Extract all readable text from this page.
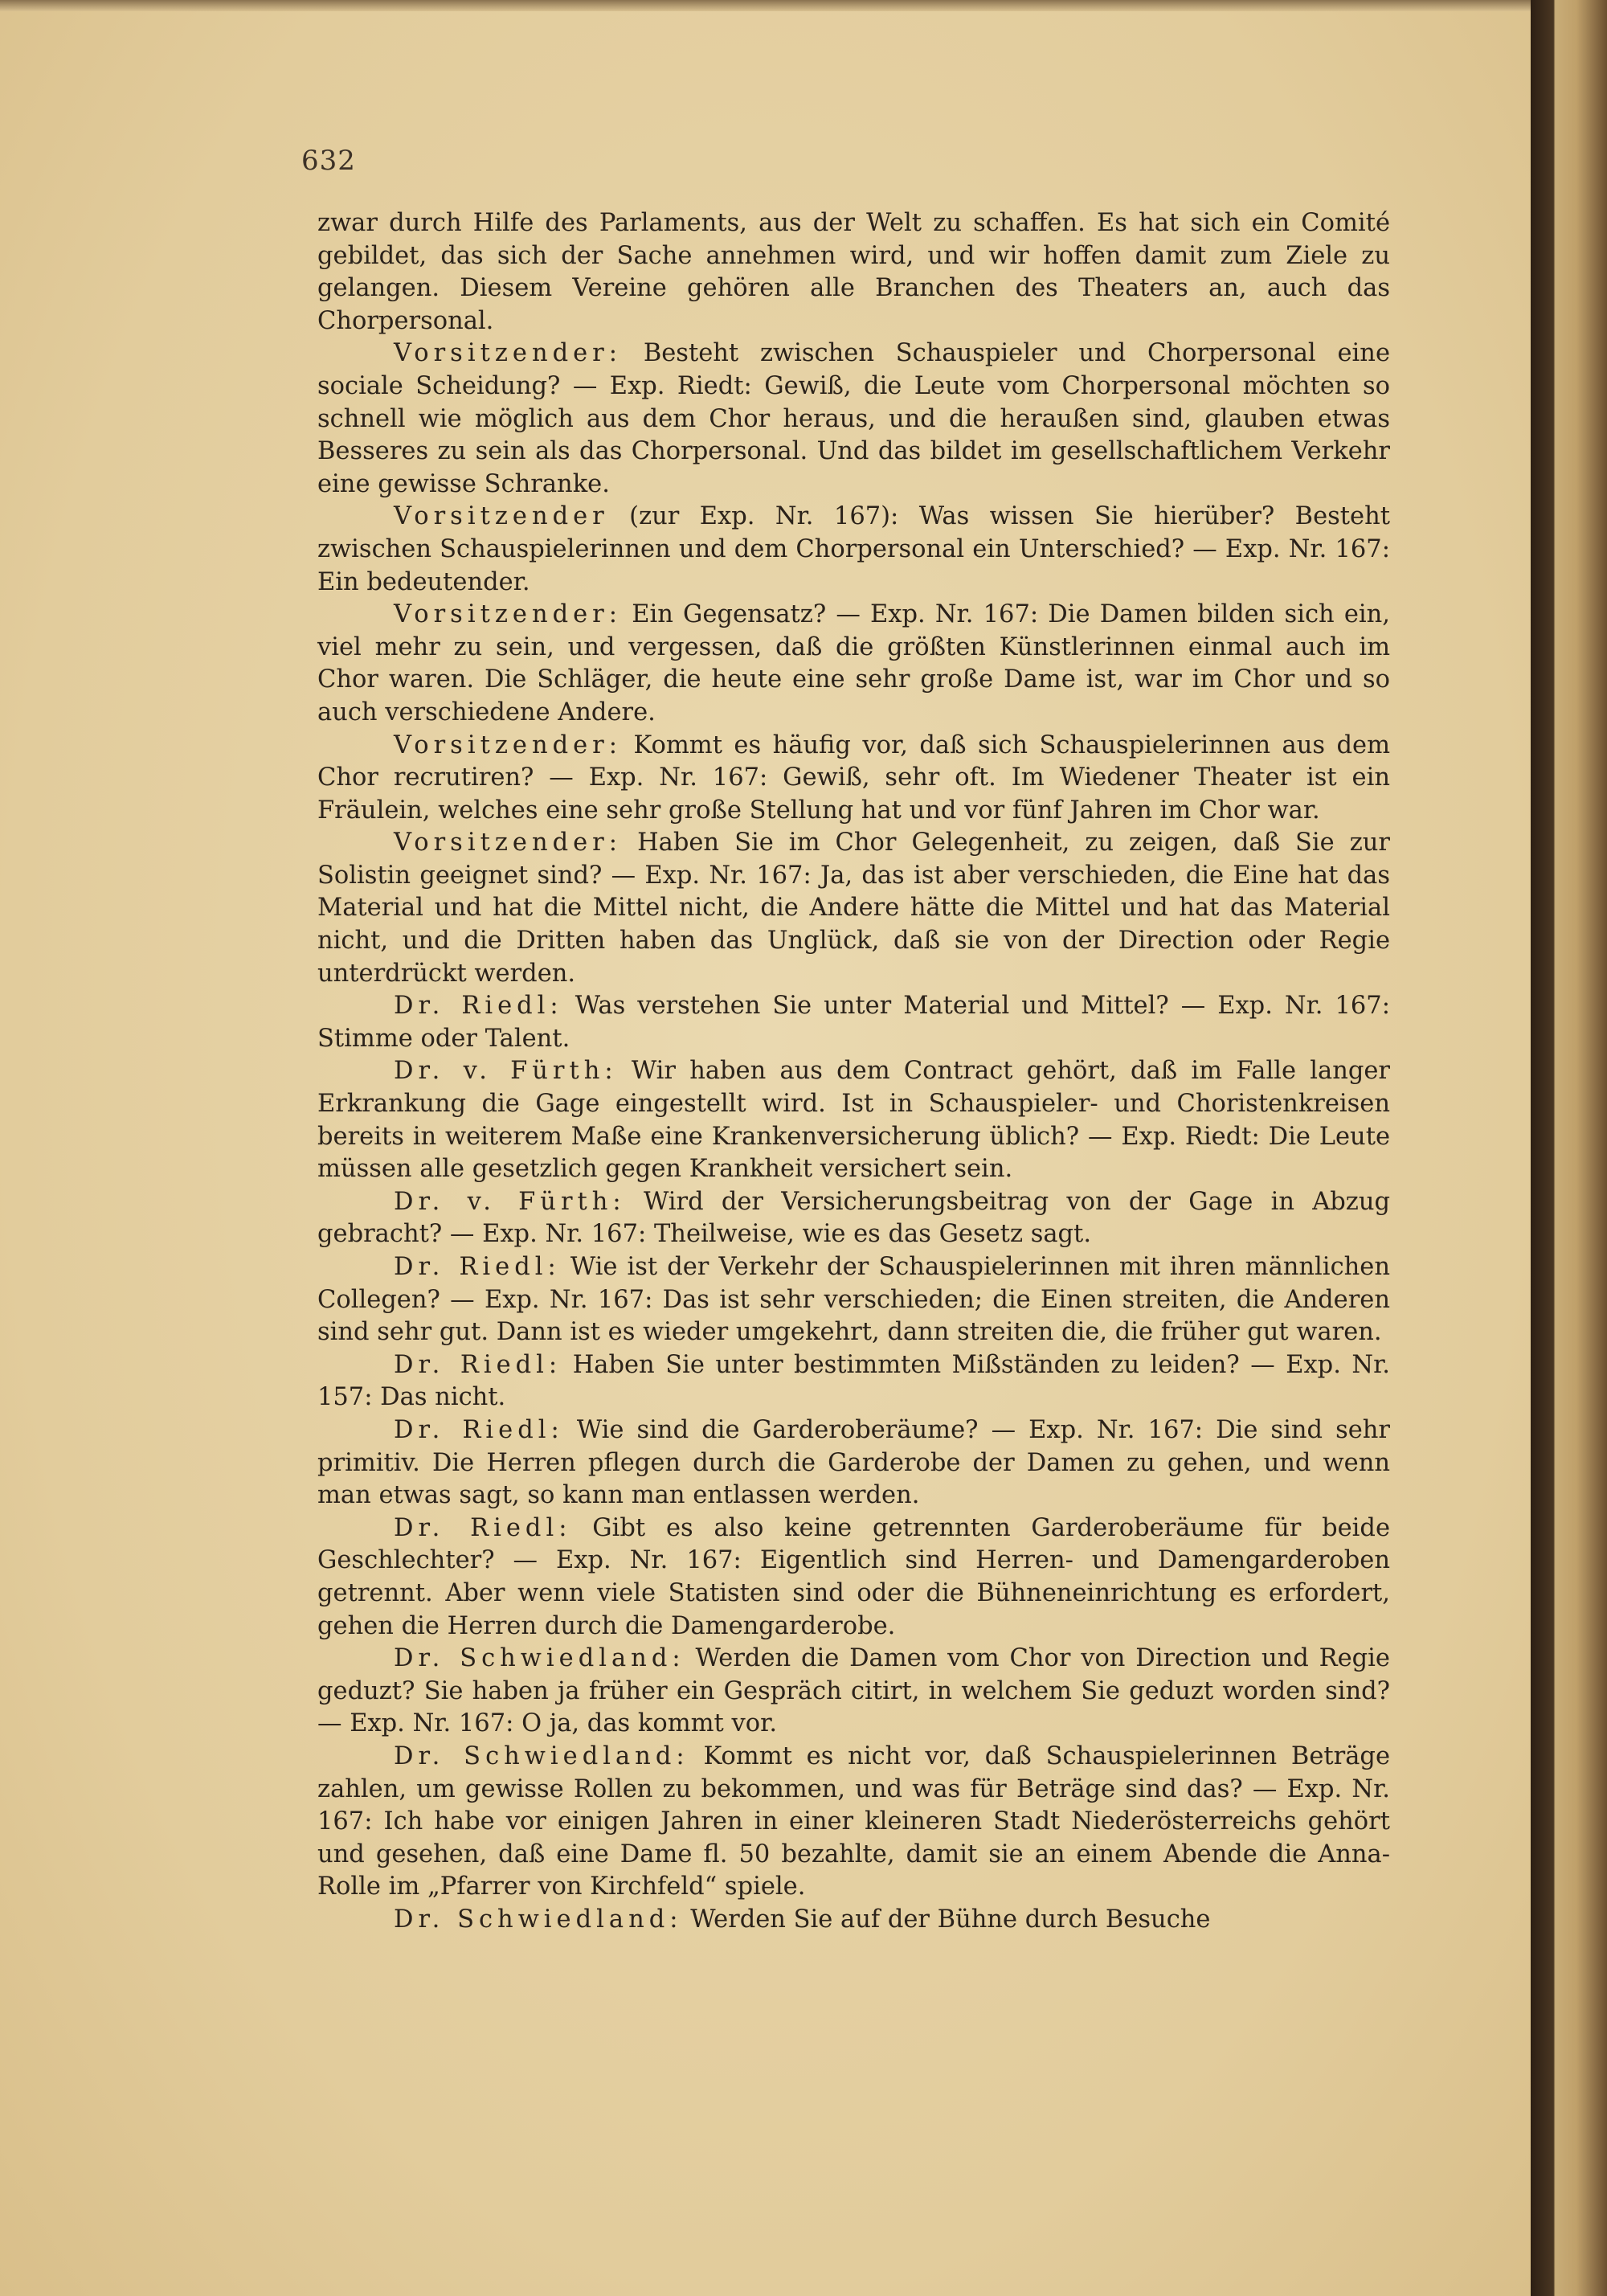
632

zwar durch Hilfe des Parlaments, aus der Welt zu schaffen. Es hat sich ein Comité gebildet, das sich der Sache annehmen wird, und wir hoffen damit zum Ziele zu gelangen. Diesem Vereine gehören alle Branchen des Theaters an, auch das Chorpersonal.

Vorsitzender: Besteht zwischen Schauspieler und Chorpersonal eine sociale Scheidung? — Exp. Riedt: Gewiß, die Leute vom Chorpersonal möchten so schnell wie möglich aus dem Chor heraus, und die heraußen sind, glauben etwas Besseres zu sein als das Chorpersonal. Und das bildet im gesellschaftlichem Verkehr eine gewisse Schranke.

Vorsitzender (zur Exp. Nr. 167): Was wissen Sie hierüber? Besteht zwischen Schauspielerinnen und dem Chorpersonal ein Unterschied? — Exp. Nr. 167: Ein bedeutender.

Vorsitzender: Ein Gegensatz? — Exp. Nr. 167: Die Damen bilden sich ein, viel mehr zu sein, und vergessen, daß die größten Künstlerinnen einmal auch im Chor waren. Die Schläger, die heute eine sehr große Dame ist, war im Chor und so auch verschiedene Andere.

Vorsitzender: Kommt es häufig vor, daß sich Schauspielerinnen aus dem Chor recrutiren? — Exp. Nr. 167: Gewiß, sehr oft. Im Wiedener Theater ist ein Fräulein, welches eine sehr große Stellung hat und vor fünf Jahren im Chor war.

Vorsitzender: Haben Sie im Chor Gelegenheit, zu zeigen, daß Sie zur Solistin geeignet sind? — Exp. Nr. 167: Ja, das ist aber verschieden, die Eine hat das Material und hat die Mittel nicht, die Andere hätte die Mittel und hat das Material nicht, und die Dritten haben das Unglück, daß sie von der Direction oder Regie unterdrückt werden.

Dr. Riedl: Was verstehen Sie unter Material und Mittel? — Exp. Nr. 167: Stimme oder Talent.

Dr. v. Fürth: Wir haben aus dem Contract gehört, daß im Falle langer Erkrankung die Gage eingestellt wird. Ist in Schauspieler- und Choristenkreisen bereits in weiterem Maße eine Krankenversicherung üblich? — Exp. Riedt: Die Leute müssen alle gesetzlich gegen Krankheit versichert sein.

Dr. v. Fürth: Wird der Versicherungsbeitrag von der Gage in Abzug gebracht? — Exp. Nr. 167: Theilweise, wie es das Gesetz sagt.

Dr. Riedl: Wie ist der Verkehr der Schauspielerinnen mit ihren männlichen Collegen? — Exp. Nr. 167: Das ist sehr verschieden; die Einen streiten, die Anderen sind sehr gut. Dann ist es wieder umgekehrt, dann streiten die, die früher gut waren.

Dr. Riedl: Haben Sie unter bestimmten Mißständen zu leiden? — Exp. Nr. 157: Das nicht.

Dr. Riedl: Wie sind die Garderoberäume? — Exp. Nr. 167: Die sind sehr primitiv. Die Herren pflegen durch die Garderobe der Damen zu gehen, und wenn man etwas sagt, so kann man entlassen werden.

Dr. Riedl: Gibt es also keine getrennten Garderoberäume für beide Geschlechter? — Exp. Nr. 167: Eigentlich sind Herren- und Damengarderoben getrennt. Aber wenn viele Statisten sind oder die Bühneneinrichtung es erfordert, gehen die Herren durch die Damengarderobe.

Dr. Schwiedland: Werden die Damen vom Chor von Direction und Regie geduzt? Sie haben ja früher ein Gespräch citirt, in welchem Sie geduzt worden sind? — Exp. Nr. 167: O ja, das kommt vor.

Dr. Schwiedland: Kommt es nicht vor, daß Schauspielerinnen Beträge zahlen, um gewisse Rollen zu bekommen, und was für Beträge sind das? — Exp. Nr. 167: Ich habe vor einigen Jahren in einer kleineren Stadt Niederösterreichs gehört und gesehen, daß eine Dame fl. 50 bezahlte, damit sie an einem Abende die Anna-Rolle im „Pfarrer von Kirchfeld“ spiele.

Dr. Schwiedland: Werden Sie auf der Bühne durch Besuche
